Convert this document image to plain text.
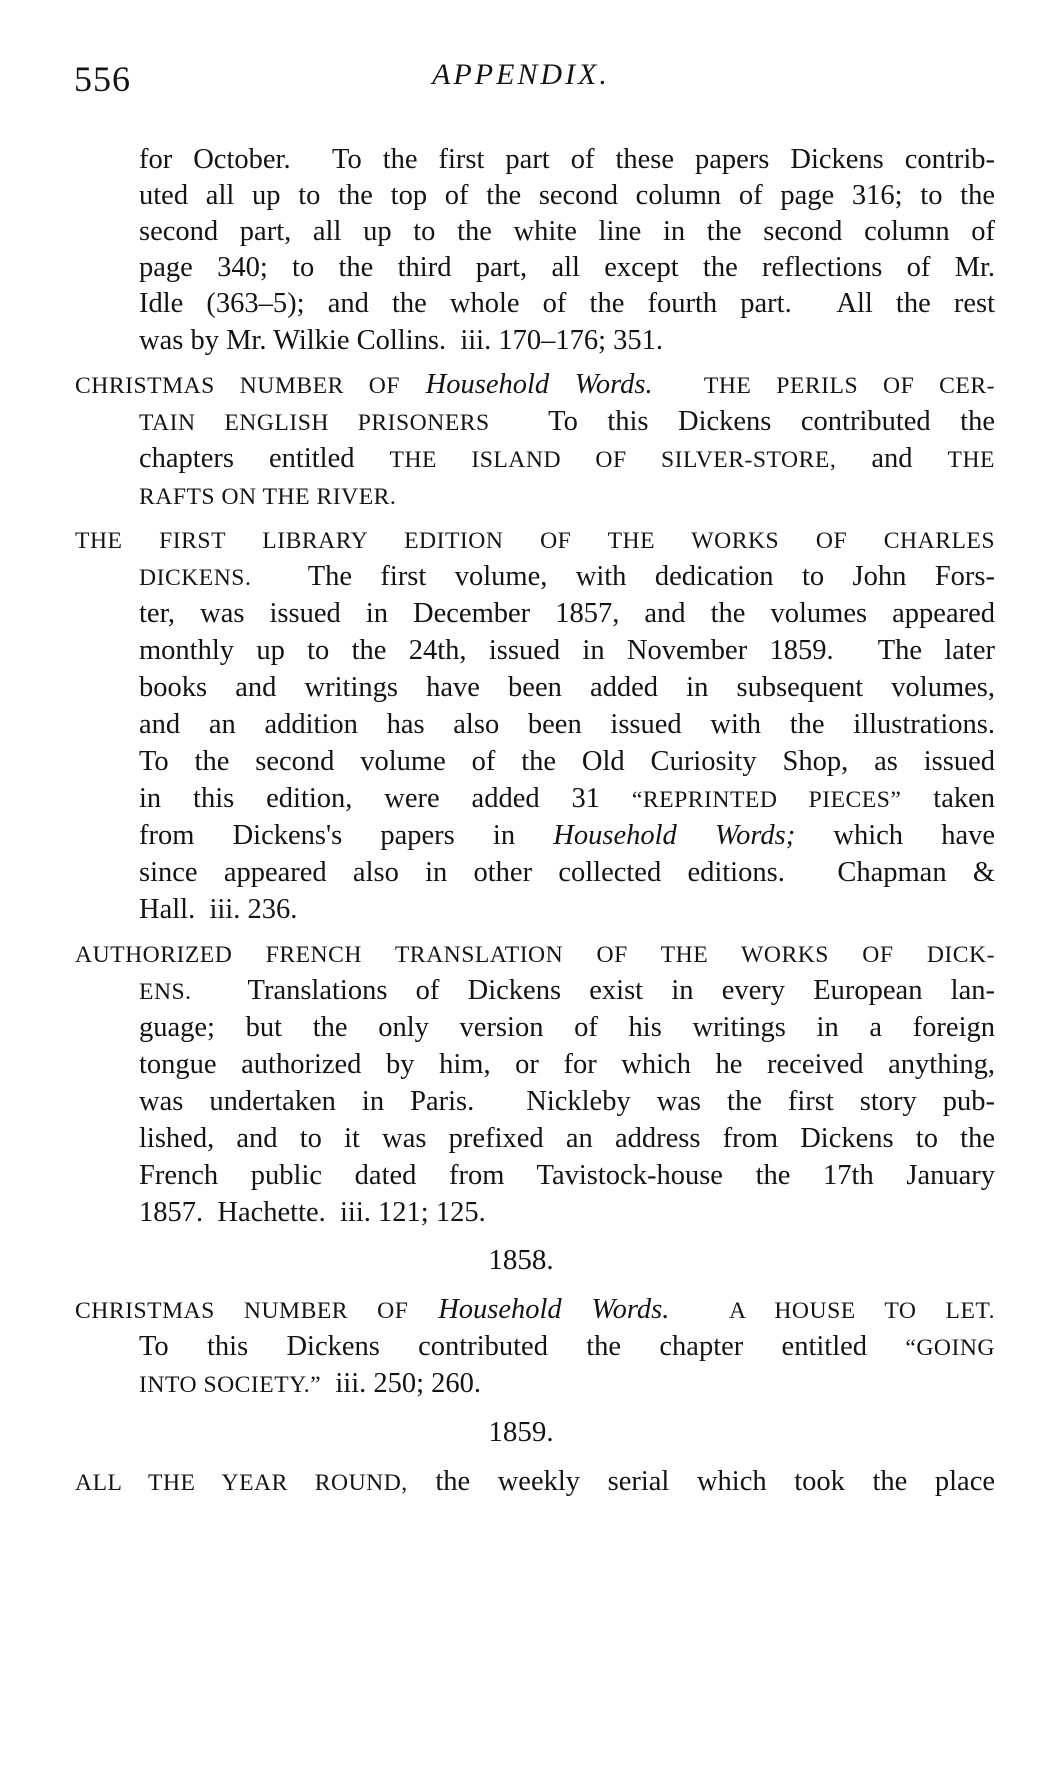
556	APPENDIX.
for October.  To the first part of these papers Dickens contrib-
uted all up to the top of the second column of page 316; to the
second part, all up to the white line in the second column of
page 340; to the third part, all except the reflections of Mr.
Idle (363–5); and the whole of the fourth part.  All the rest
was by Mr. Wilkie Collins.  iii. 170–176; 351.
CHRISTMAS NUMBER OF Household Words. THE PERILS OF CER-
TAIN ENGLISH PRISONERS To this Dickens contributed the
chapters entitled THE ISLAND OF SILVER-STORE, and THE
RAFTS ON THE RIVER.
THE FIRST LIBRARY EDITION OF THE WORKS OF CHARLES
DICKENS. The first volume, with dedication to John Fors-
ter, was issued in December 1857, and the volumes appeared
monthly up to the 24th, issued in November 1859.  The later
books and writings have been added in subsequent volumes,
and an addition has also been issued with the illustrations.
To the second volume of the Old Curiosity Shop, as issued
in this edition, were added 31 “REPRINTED PIECES” taken
from Dickens's papers in Household Words; which have
since appeared also in other collected editions.  Chapman &
Hall.  iii. 236.
AUTHORIZED FRENCH TRANSLATION OF THE WORKS OF DICK-
ENS. Translations of Dickens exist in every European lan-
guage; but the only version of his writings in a foreign
tongue authorized by him, or for which he received anything,
was undertaken in Paris.  Nickleby was the first story pub-
lished, and to it was prefixed an address from Dickens to the
French public dated from Tavistock-house the 17th January
1857.  Hachette.  iii. 121; 125.
1858.
CHRISTMAS NUMBER OF Household Words.	A HOUSE TO LET.
To this Dickens contributed the chapter entitled “GOING
INTO SOCIETY.” iii. 250; 260.
1859.
ALL THE YEAR ROUND, the weekly serial which took the place
